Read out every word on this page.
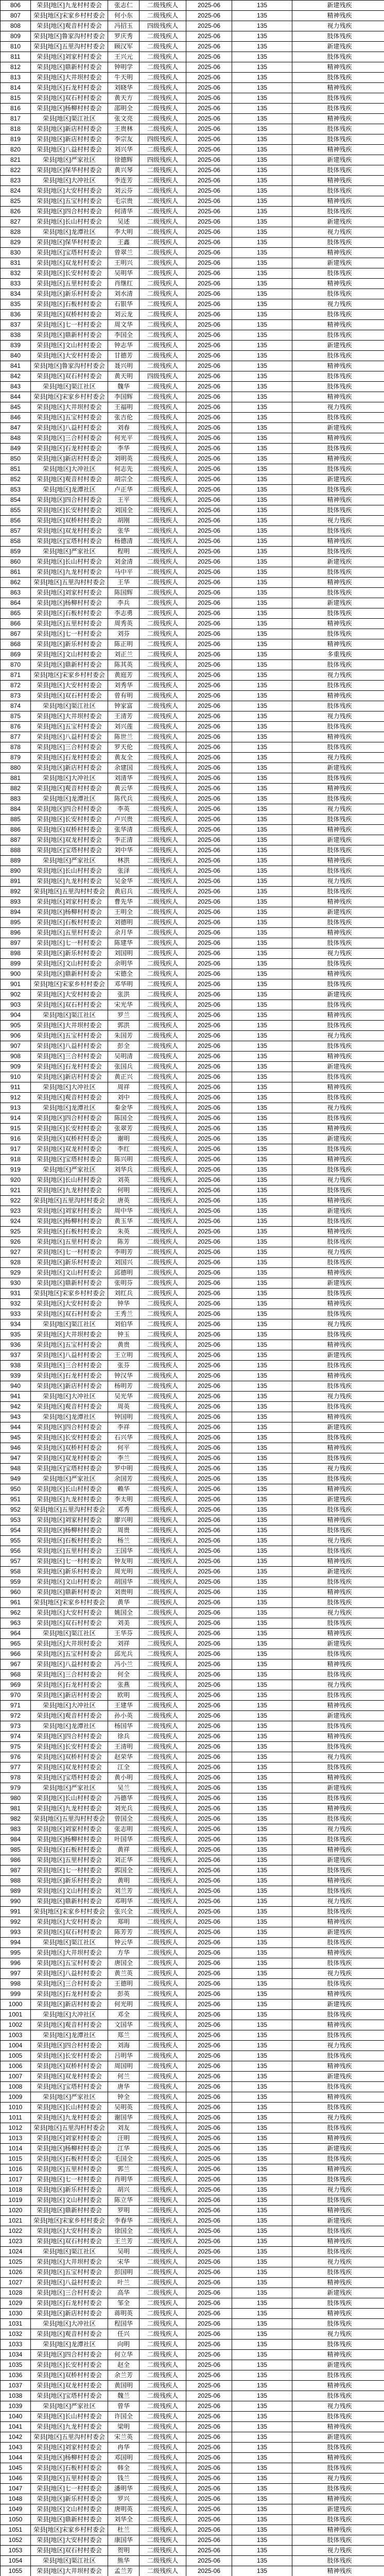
806	荣县[地区]九龙村村委会	张志仁	二级残疾人	2025-06	135	新建残疾
807	荣县[地区]宋家乡村村委会	何小东	二级残疾人	2025-06	135	精神残疾
808	荣县[地区]观音村村委会	冯招玉	四级残疾人	2025-06	135	视力残疾
809	荣县[地区]鲁家沟村村委会	罗庆秀	二级残疾人	2025-06	135	肢体残疾
810	荣县[地区]五里沟村村委会	顾汉军	二级残疾人	2025-06	135	新建残疾
811	荣县[地区]刘家村村委会	王兴元	二级残疾人	2025-06	135	肢体残疾
812	荣县[地区]鼎新村村委会	钟明学	二级残疾人	2025-06	135	精神残疾
813	荣县[地区]大井坝村委会	牛天明	二级残疾人	2025-06	135	肢体残疾
814	荣县[地区]石龙村村委会	刘晓华	二级残疾人	2025-06	135	精神残疾
815	荣县[地区]双石村村委会	黄天方	二级残疾人	2025-06	135	肢体残疾
816	荣县[地区]杨柳村村委会	邵明全	二级残疾人	2025-06	135	肢体残疾
817	荣县[地区]渠江社区	张文亮	二级残疾人	2025-06	135	精神残疾
818	荣县[地区]新店村村委会	王贵林	二级残疾人	2025-06	135	肢体残疾
819	荣县[地区]新店村村委会	李宗友	四级残疾人	2025-06	135	肢体残疾
820	荣县[地区]八益村村委会	刘兴华	二级残疾人	2025-06	135	精神残疾
821	荣县[地区]严家社区	徐德辉	四级残疾人	2025-06	135	新建残疾
822	荣县[地区]保华村村委会	黄兴琴	二级残疾人	2025-06	135	肢体残疾
823	荣县[地区]大冲社区	李连芳	二级残疾人	2025-06	135	精神残疾
824	荣县[地区]大安村村委会	刘云芬	二级残疾人	2025-06	135	肢体残疾
825	荣县[地区]五宝村村委会	毛宗贵	二级残疾人	2025-06	135	精神残疾
826	荣县[地区]四合村村委会	何清华	二级残疾人	2025-06	135	肢体残疾
827	荣县[地区]长山村村委会	吴述	二级残疾人	2025-06	135	新建残疾
828	荣县[地区]龙潭社区	李大明	二级残疾人	2025-06	135	视力残疾
829	荣县[地区]保华村村委会	王鑫	二级残疾人	2025-06	135	肢体残疾
830	荣县[地区]宝塔村村委会	曾翠兰	二级残疾人	2025-06	135	精神残疾
831	荣县[地区]双龙村村委会	王明兴	二级残疾人	2025-06	135	新建残疾
832	荣县[地区]长安村村委会	吴明华	二级残疾人	2025-06	135	肢体残疾
833	荣县[地区]五里村村委会	肖继红	二级残疾人	2025-06	135	精神残疾
834	荣县[地区]新乐村村委会	刘水清	二级残疾人	2025-06	135	肢体残疾
835	荣县[地区]石板村村委会	石银华	二级残疾人	2025-06	135	视力残疾
836	荣县[地区]双桥村村委会	刘云龙	二级残疾人	2025-06	135	肢体残疾
837	荣县[地区]七一村村委会	周文华	二级残疾人	2025-06	135	精神残疾
838	荣县[地区]鼎新村村委会	李国全	二级残疾人	2025-06	135	肢体残疾
839	荣县[地区]文山村村委会	钟志华	二级残疾人	2025-06	135	新建残疾
840	荣县[地区]大安村村委会	甘德芳	二级残疾人	2025-06	135	肢体残疾
841	荣县[地区]鲁家沟村村委会	聂兴明	二级残疾人	2025-06	135	精神残疾
842	荣县[地区]双石村村委会	黄天明	四级残疾人	2025-06	135	肢体残疾
843	荣县[地区]渠江社区	魏华	二级残疾人	2025-06	135	肢体残疾
844	荣县[地区]宋家乡村村委会	李国辉	二级残疾人	2025-06	135	精神残疾
845	荣县[地区]大井坝村委会	王福明	二级残疾人	2025-06	135	视力残疾
846	荣县[地区]五宝村村委会	张吉伦	二级残疾人	2025-06	135	肢体残疾
847	荣县[地区]八益村村委会	刘春	二级残疾人	2025-06	135	新建残疾
848	荣县[地区]三合村村委会	何光平	二级残疾人	2025-06	135	精神残疾
849	荣县[地区]石龙村村委会	李华	二级残疾人	2025-06	135	肢体残疾
850	荣县[地区]新店村村委会	刘明英	二级残疾人	2025-06	135	精神残疾
851	荣县[地区]大冲社区	何志先	二级残疾人	2025-06	135	肢体残疾
852	荣县[地区]观音村村委会	胡宗全	二级残疾人	2025-06	135	新建残疾
853	荣县[地区]龙潭社区	卢正华	二级残疾人	2025-06	135	肢体残疾
854	荣县[地区]四合村村委会	王平	二级残疾人	2025-06	135	精神残疾
855	荣县[地区]长安村村委会	刘国全	二级残疾人	2025-06	135	肢体残疾
856	荣县[地区]双桥村村委会	胡刚	二级残疾人	2025-06	135	视力残疾
857	荣县[地区]双龙村村委会	张华	二级残疾人	2025-06	135	肢体残疾
858	荣县[地区]宝塔村村委会	杨德清	二级残疾人	2025-06	135	精神残疾
859	荣县[地区]严家社区	程明	二级残疾人	2025-06	135	肢体残疾
860	荣县[地区]长山村村委会	刘金清	二级残疾人	2025-06	135	新建残疾
861	荣县[地区]九龙村村委会	马中平	二级残疾人	2025-06	135	肢体残疾
862	荣县[地区]五里沟村村委会	王华	二级残疾人	2025-06	135	精神残疾
863	荣县[地区]刘家村村委会	陈国辉	二级残疾人	2025-06	135	肢体残疾
864	荣县[地区]杨柳村村委会	李兵	二级残疾人	2025-06	135	新建残疾
865	荣县[地区]石板村村委会	李志勇	二级残疾人	2025-06	135	肢体残疾
866	荣县[地区]五里村村委会	周秀英	二级残疾人	2025-06	135	精神残疾
867	荣县[地区]七一村村委会	刘芬	二级残疾人	2025-06	135	肢体残疾
868	荣县[地区]新乐村村委会	陈正明	二级残疾人	2025-06	135	精神残疾
869	荣县[地区]文山村村委会	刘正兰	二级残疾人	2025-06	135	多重残疾
870	荣县[地区]鼎新村村委会	陈其英	二级残疾人	2025-06	135	肢体残疾
871	荣县[地区]宋家乡村村委会	黄庭芳	二级残疾人	2025-06	135	视力残疾
872	荣县[地区]大安村村委会	刘秀华	二级残疾人	2025-06	135	肢体残疾
873	荣县[地区]双石村村委会	曾有明	二级残疾人	2025-06	135	精神残疾
874	荣县[地区]渠江社区	钟家富	二级残疾人	2025-06	135	肢体残疾
875	荣县[地区]大井坝村委会	王清芳	二级残疾人	2025-06	135	视力残疾
876	荣县[地区]五宝村村委会	刘兴莲	二级残疾人	2025-06	135	肢体残疾
877	荣县[地区]八益村村委会	陈世兰	二级残疾人	2025-06	135	精神残疾
878	荣县[地区]三合村村委会	罗天伦	二级残疾人	2025-06	135	肢体残疾
879	荣县[地区]石龙村村委会	黄友全	二级残疾人	2025-06	135	视力残疾
880	荣县[地区]新店村村委会	余建国	二级残疾人	2025-06	135	新建残疾
881	荣县[地区]大冲社区	刘清华	二级残疾人	2025-06	135	肢体残疾
882	荣县[地区]观音村村委会	黄云华	二级残疾人	2025-06	135	精神残疾
883	荣县[地区]龙潭社区	陈代兵	二级残疾人	2025-06	135	肢体残疾
884	荣县[地区]四合村村委会	李英	二级残疾人	2025-06	135	视力残疾
885	荣县[地区]长安村村委会	卢兴贵	二级残疾人	2025-06	135	肢体残疾
886	荣县[地区]双桥村村委会	张华清	二级残疾人	2025-06	135	精神残疾
887	荣县[地区]双龙村村委会	李正清	二级残疾人	2025-06	135	新建残疾
888	荣县[地区]宝塔村村委会	刘中华	二级残疾人	2025-06	135	肢体残疾
889	荣县[地区]严家社区	林洪	二级残疾人	2025-06	135	精神残疾
890	荣县[地区]长山村村委会	张泽	二级残疾人	2025-06	135	肢体残疾
891	荣县[地区]九龙村村委会	吴金华	二级残疾人	2025-06	135	视力残疾
892	荣县[地区]五里沟村村委会	黄启兵	二级残疾人	2025-06	135	肢体残疾
893	荣县[地区]刘家村村委会	曹先华	二级残疾人	2025-06	135	精神残疾
894	荣县[地区]杨柳村村委会	王明全	二级残疾人	2025-06	135	新建残疾
895	荣县[地区]石板村村委会	刘德明	二级残疾人	2025-06	135	肢体残疾
896	荣县[地区]五里村村委会	余月华	二级残疾人	2025-06	135	精神残疾
897	荣县[地区]七一村村委会	陈建华	二级残疾人	2025-06	135	肢体残疾
898	荣县[地区]新乐村村委会	刘国明	二级残疾人	2025-06	135	视力残疾
899	荣县[地区]文山村村委会	余明华	二级残疾人	2025-06	135	肢体残疾
900	荣县[地区]鼎新村村委会	宋德全	二级残疾人	2025-06	135	精神残疾
901	荣县[地区]宋家乡村村委会	邓华明	二级残疾人	2025-06	135	肢体残疾
902	荣县[地区]大安村村委会	张洪	二级残疾人	2025-06	135	新建残疾
903	荣县[地区]双石村村委会	宋光华	二级残疾人	2025-06	135	肢体残疾
904	荣县[地区]渠江社区	罗兰	二级残疾人	2025-06	135	精神残疾
905	荣县[地区]大井坝村委会	郭洪	二级残疾人	2025-06	135	肢体残疾
906	荣县[地区]五宝村村委会	朱国芳	二级残疾人	2025-06	135	视力残疾
907	荣县[地区]八益村村委会	彭全	二级残疾人	2025-06	135	肢体残疾
908	荣县[地区]三合村村委会	吴明清	二级残疾人	2025-06	135	精神残疾
909	荣县[地区]石龙村村委会	张国兵	二级残疾人	2025-06	135	新建残疾
910	荣县[地区]新店村村委会	黄正兴	二级残疾人	2025-06	135	肢体残疾
911	荣县[地区]大冲社区	周祥	二级残疾人	2025-06	135	精神残疾
912	荣县[地区]观音村村委会	刘中	二级残疾人	2025-06	135	肢体残疾
913	荣县[地区]龙潭社区	秦金华	二级残疾人	2025-06	135	视力残疾
914	荣县[地区]四合村村委会	陈国全	二级残疾人	2025-06	135	肢体残疾
915	荣县[地区]长安村村委会	张翠芳	二级残疾人	2025-06	135	精神残疾
916	荣县[地区]双桥村村委会	谢明	二级残疾人	2025-06	135	新建残疾
917	荣县[地区]双龙村村委会	李红	二级残疾人	2025-06	135	肢体残疾
918	荣县[地区]宝塔村村委会	陈兴明	二级残疾人	2025-06	135	精神残疾
919	荣县[地区]严家社区	刘华兵	二级残疾人	2025-06	135	肢体残疾
920	荣县[地区]长山村村委会	刘英	二级残疾人	2025-06	135	视力残疾
921	荣县[地区]九龙村村委会	何明	二级残疾人	2025-06	135	肢体残疾
922	荣县[地区]五里沟村村委会	唐英	二级残疾人	2025-06	135	精神残疾
923	荣县[地区]刘家村村委会	周中华	二级残疾人	2025-06	135	新建残疾
924	荣县[地区]杨柳村村委会	黄玉华	二级残疾人	2025-06	135	肢体残疾
925	荣县[地区]石板村村委会	朱英	二级残疾人	2025-06	135	精神残疾
926	荣县[地区]五里村村委会	陈芳	二级残疾人	2025-06	135	肢体残疾
927	荣县[地区]七一村村委会	李明芳	二级残疾人	2025-06	135	视力残疾
928	荣县[地区]新乐村村委会	刘国兴	二级残疾人	2025-06	135	肢体残疾
929	荣县[地区]文山村村委会	邱德明	二级残疾人	2025-06	135	精神残疾
930	荣县[地区]鼎新村村委会	张明芬	二级残疾人	2025-06	135	新建残疾
931	荣县[地区]宋家乡村村委会	刘红兵	二级残疾人	2025-06	135	肢体残疾
932	荣县[地区]大安村村委会	钟华	二级残疾人	2025-06	135	精神残疾
933	荣县[地区]双石村村委会	王秀兰	二级残疾人	2025-06	135	肢体残疾
934	荣县[地区]渠江社区	刘伯华	二级残疾人	2025-06	135	视力残疾
935	荣县[地区]大井坝村委会	钟玉	二级残疾人	2025-06	135	肢体残疾
936	荣县[地区]五宝村村委会	黄贵	二级残疾人	2025-06	135	精神残疾
937	荣县[地区]八益村村委会	王立明	二级残疾人	2025-06	135	新建残疾
938	荣县[地区]三合村村委会	张芬	二级残疾人	2025-06	135	肢体残疾
939	荣县[地区]石龙村村委会	钟汉华	二级残疾人	2025-06	135	精神残疾
940	荣县[地区]新店村村委会	杨明芳	二级残疾人	2025-06	135	肢体残疾
941	荣县[地区]大冲社区	吴光华	二级残疾人	2025-06	135	视力残疾
942	荣县[地区]观音村村委会	周英	二级残疾人	2025-06	135	肢体残疾
943	荣县[地区]龙潭社区	钟国明	二级残疾人	2025-06	135	精神残疾
944	荣县[地区]四合村村委会	李祥	二级残疾人	2025-06	135	新建残疾
945	荣县[地区]长安村村委会	石兴华	二级残疾人	2025-06	135	肢体残疾
946	荣县[地区]双桥村村委会	何平	二级残疾人	2025-06	135	精神残疾
947	荣县[地区]双龙村村委会	李兰	二级残疾人	2025-06	135	肢体残疾
948	荣县[地区]宝塔村村委会	罗中明	二级残疾人	2025-06	135	视力残疾
949	荣县[地区]严家社区	余国芳	二级残疾人	2025-06	135	肢体残疾
950	荣县[地区]长山村村委会	赖华	二级残疾人	2025-06	135	精神残疾
951	荣县[地区]九龙村村委会	李太明	二级残疾人	2025-06	135	新建残疾
952	荣县[地区]五里沟村村委会	邓秀	二级残疾人	2025-06	135	肢体残疾
953	荣县[地区]刘家村村委会	廖兴明	二级残疾人	2025-06	135	精神残疾
954	荣县[地区]杨柳村村委会	周贵	二级残疾人	2025-06	135	肢体残疾
955	荣县[地区]石板村村委会	杨兰	二级残疾人	2025-06	135	视力残疾
956	荣县[地区]五里村村委会	王国华	二级残疾人	2025-06	135	肢体残疾
957	荣县[地区]七一村村委会	钟友明	二级残疾人	2025-06	135	精神残疾
958	荣县[地区]新乐村村委会	周光明	二级残疾人	2025-06	135	新建残疾
959	荣县[地区]文山村村委会	胡国华	二级残疾人	2025-06	135	肢体残疾
960	荣县[地区]鼎新村村委会	刘贵明	二级残疾人	2025-06	135	精神残疾
961	荣县[地区]宋家乡村村委会	黄华	二级残疾人	2025-06	135	肢体残疾
962	荣县[地区]大安村村委会	姚国全	二级残疾人	2025-06	135	视力残疾
963	荣县[地区]双石村村委会	刘美	二级残疾人	2025-06	135	肢体残疾
964	荣县[地区]渠江社区	王华芬	二级残疾人	2025-06	135	精神残疾
965	荣县[地区]大井坝村委会	刘祥	二级残疾人	2025-06	135	新建残疾
966	荣县[地区]五宝村村委会	邱光兵	二级残疾人	2025-06	135	肢体残疾
967	荣县[地区]八益村村委会	冯小兰	二级残疾人	2025-06	135	精神残疾
968	荣县[地区]三合村村委会	何全	二级残疾人	2025-06	135	肢体残疾
969	荣县[地区]石龙村村委会	张燕	二级残疾人	2025-06	135	视力残疾
970	荣县[地区]新店村村委会	欧明	二级残疾人	2025-06	135	肢体残疾
971	荣县[地区]大冲社区	王建华	二级残疾人	2025-06	135	精神残疾
972	荣县[地区]观音村村委会	孙小英	二级残疾人	2025-06	135	新建残疾
973	荣县[地区]龙潭社区	杨国华	二级残疾人	2025-06	135	肢体残疾
974	荣县[地区]四合村村委会	徐兵	二级残疾人	2025-06	135	精神残疾
975	荣县[地区]长安村村委会	王清明	二级残疾人	2025-06	135	肢体残疾
976	荣县[地区]双桥村村委会	赵荣华	二级残疾人	2025-06	135	视力残疾
977	荣县[地区]双龙村村委会	江全	二级残疾人	2025-06	135	肢体残疾
978	荣县[地区]宝塔村村委会	黄小明	二级残疾人	2025-06	135	精神残疾
979	荣县[地区]严家社区	吴兰	二级残疾人	2025-06	135	新建残疾
980	荣县[地区]长山村村委会	冯德华	二级残疾人	2025-06	135	肢体残疾
981	荣县[地区]九龙村村委会	刘光兵	二级残疾人	2025-06	135	精神残疾
982	荣县[地区]五里沟村村委会	曾国全	二级残疾人	2025-06	135	肢体残疾
983	荣县[地区]刘家村村委会	张志明	二级残疾人	2025-06	135	视力残疾
984	荣县[地区]杨柳村村委会	叶国华	二级残疾人	2025-06	135	肢体残疾
985	荣县[地区]石板村村委会	黄祥	二级残疾人	2025-06	135	精神残疾
986	荣县[地区]五里村村委会	刘正华	二级残疾人	2025-06	135	新建残疾
987	荣县[地区]七一村村委会	郭国全	二级残疾人	2025-06	135	肢体残疾
988	荣县[地区]新乐村村委会	黄明	二级残疾人	2025-06	135	精神残疾
989	荣县[地区]文山村村委会	刘兰芳	二级残疾人	2025-06	135	肢体残疾
990	荣县[地区]鼎新村村委会	邓明华	二级残疾人	2025-06	135	视力残疾
991	荣县[地区]宋家乡村村委会	张兴全	二级残疾人	2025-06	135	肢体残疾
992	荣县[地区]大安村村委会	郑明	二级残疾人	2025-06	135	精神残疾
993	荣县[地区]双石村村委会	陈芳芳	二级残疾人	2025-06	135	新建残疾
994	荣县[地区]渠江社区	钟云华	二级残疾人	2025-06	135	肢体残疾
995	荣县[地区]大井坝村委会	方华	二级残疾人	2025-06	135	精神残疾
996	荣县[地区]五宝村村委会	唐国全	二级残疾人	2025-06	135	肢体残疾
997	荣县[地区]八益村村委会	黄兰英	二级残疾人	2025-06	135	视力残疾
998	荣县[地区]三合村村委会	王德明	二级残疾人	2025-06	135	肢体残疾
999	荣县[地区]石龙村村委会	彭英	二级残疾人	2025-06	135	精神残疾
1000	荣县[地区]新店村村委会	何光明	二级残疾人	2025-06	135	新建残疾
1001	荣县[地区]大冲社区	邓全	二级残疾人	2025-06	135	肢体残疾
1002	荣县[地区]观音村村委会	文国华	二级残疾人	2025-06	135	精神残疾
1003	荣县[地区]龙潭社区	郑兰	二级残疾人	2025-06	135	肢体残疾
1004	荣县[地区]四合村村委会	刘海	二级残疾人	2025-06	135	视力残疾
1005	荣县[地区]长安村村委会	吕明华	二级残疾人	2025-06	135	肢体残疾
1006	荣县[地区]双桥村村委会	周国明	二级残疾人	2025-06	135	精神残疾
1007	荣县[地区]双龙村村委会	何兰	二级残疾人	2025-06	135	新建残疾
1008	荣县[地区]宝塔村村委会	唐华	二级残疾人	2025-06	135	肢体残疾
1009	荣县[地区]严家社区	钟全	二级残疾人	2025-06	135	精神残疾
1010	荣县[地区]长山村村委会	吴明英	二级残疾人	2025-06	135	肢体残疾
1011	荣县[地区]九龙村村委会	谢国华	二级残疾人	2025-06	135	视力残疾
1012	荣县[地区]五里沟村村委会	刘友	二级残疾人	2025-06	135	肢体残疾
1013	荣县[地区]刘家村村委会	汪明	二级残疾人	2025-06	135	精神残疾
1014	荣县[地区]杨柳村村委会	江华	二级残疾人	2025-06	135	新建残疾
1015	荣县[地区]石板村村委会	毛国全	二级残疾人	2025-06	135	肢体残疾
1016	荣县[地区]五里村村委会	郭兰	二级残疾人	2025-06	135	精神残疾
1017	荣县[地区]七一村村委会	肖明华	二级残疾人	2025-06	135	肢体残疾
1018	荣县[地区]新乐村村委会	胡兴	二级残疾人	2025-06	135	视力残疾
1019	荣县[地区]文山村村委会	陈立华	二级残疾人	2025-06	135	肢体残疾
1020	荣县[地区]鼎新村村委会	罗明	二级残疾人	2025-06	135	精神残疾
1021	荣县[地区]宋家乡村村委会	李春华	二级残疾人	2025-06	135	新建残疾
1022	荣县[地区]大安村村委会	徐国全	二级残疾人	2025-06	135	肢体残疾
1023	荣县[地区]双石村村委会	王兰芳	二级残疾人	2025-06	135	精神残疾
1024	荣县[地区]渠江社区	吴明	二级残疾人	2025-06	135	肢体残疾
1025	荣县[地区]大井坝村委会	宋华	二级残疾人	2025-06	135	视力残疾
1026	荣县[地区]五宝村村委会	彭国明	二级残疾人	2025-06	135	肢体残疾
1027	荣县[地区]八益村村委会	叶兰	二级残疾人	2025-06	135	精神残疾
1028	荣县[地区]三合村村委会	高华	二级残疾人	2025-06	135	新建残疾
1029	荣县[地区]石龙村村委会	邹全	二级残疾人	2025-06	135	肢体残疾
1030	荣县[地区]新店村村委会	蒋明英	二级残疾人	2025-06	135	精神残疾
1031	荣县[地区]大冲社区	程国华	二级残疾人	2025-06	135	肢体残疾
1032	荣县[地区]观音村村委会	任兴	二级残疾人	2025-06	135	视力残疾
1033	荣县[地区]龙潭社区	向明	二级残疾人	2025-06	135	肢体残疾
1034	荣县[地区]四合村村委会	何立华	二级残疾人	2025-06	135	精神残疾
1035	荣县[地区]长安村村委会	赵全	二级残疾人	2025-06	135	新建残疾
1036	荣县[地区]双桥村村委会	余兰芳	二级残疾人	2025-06	135	肢体残疾
1037	荣县[地区]双龙村村委会	黄国明	二级残疾人	2025-06	135	精神残疾
1038	荣县[地区]宝塔村村委会	魏兰	二级残疾人	2025-06	135	肢体残疾
1039	荣县[地区]严家社区	曾华	二级残疾人	2025-06	135	视力残疾
1040	荣县[地区]长山村村委会	许国全	二级残疾人	2025-06	135	肢体残疾
1041	荣县[地区]九龙村村委会	梁明	二级残疾人	2025-06	135	精神残疾
1042	荣县[地区]五里沟村村委会	宋兰英	二级残疾人	2025-06	135	新建残疾
1043	荣县[地区]刘家村村委会	冉华	二级残疾人	2025-06	135	肢体残疾
1044	荣县[地区]杨柳村村委会	邓国明	二级残疾人	2025-06	135	精神残疾
1045	荣县[地区]石板村村委会	韩全	二级残疾人	2025-06	135	肢体残疾
1046	荣县[地区]五里村村委会	钱兰	二级残疾人	2025-06	135	视力残疾
1047	荣县[地区]七一村村委会	潘明华	二级残疾人	2025-06	135	肢体残疾
1048	荣县[地区]新乐村村委会	罗兴	二级残疾人	2025-06	135	精神残疾
1049	荣县[地区]文山村村委会	唐明英	二级残疾人	2025-06	135	新建残疾
1050	荣县[地区]鼎新村村委会	刘华全	二级残疾人	2025-06	135	肢体残疾
1051	荣县[地区]宋家乡村村委会	杜兰	二级残疾人	2025-06	135	精神残疾
1052	荣县[地区]大安村村委会	康国华	二级残疾人	2025-06	135	肢体残疾
1053	荣县[地区]双石村村委会	贺明	二级残疾人	2025-06	135	视力残疾
1054	荣县[地区]渠江社区	熊华	二级残疾人	2025-06	135	肢体残疾
1055	荣县[地区]大井坝村委会	孟兰芳	二级残疾人	2025-06	135	精神残疾
